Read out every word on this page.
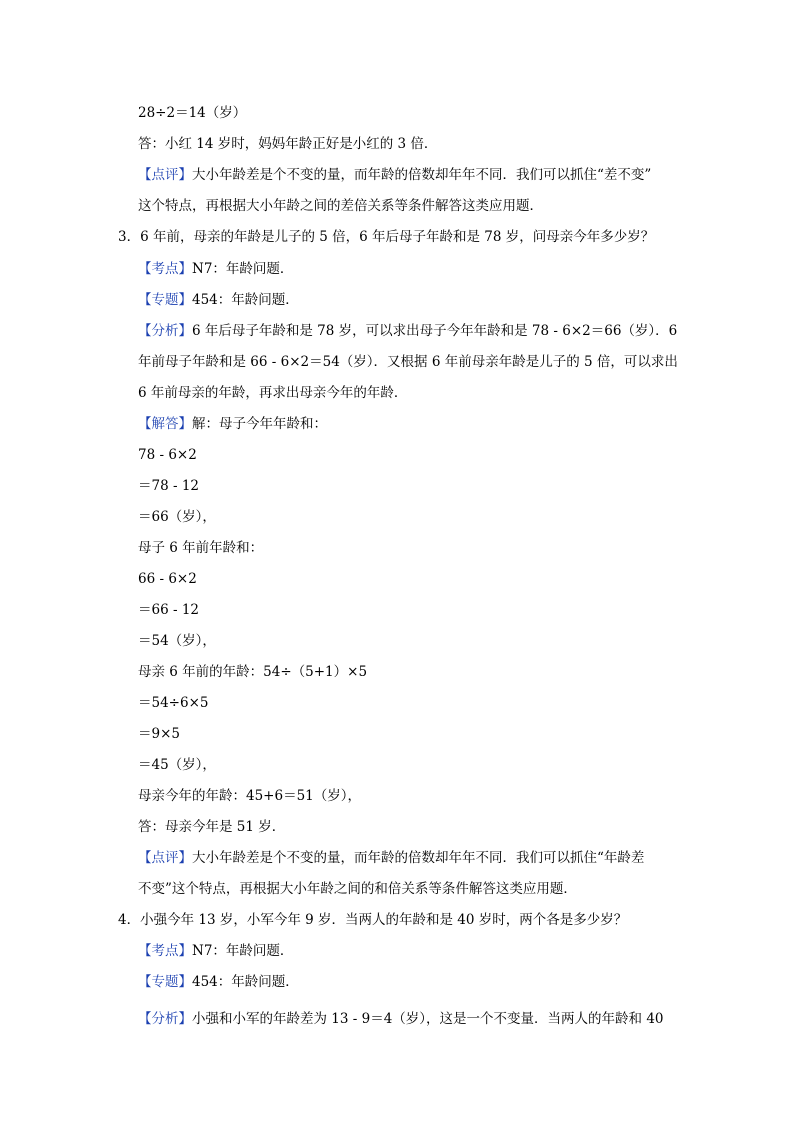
28÷2＝14（岁）
答：小红 14 岁时，妈妈年龄正好是小红的 3 倍．
【 点评 】 大小年龄差是个不变的量，而年龄的倍数却年年不同．我们可以抓住“差不变”
这个特点，再根据大小年龄之间的差倍关系等条件解答这类应用题．
3．6 年前，母亲的年龄是儿子的 5 倍，6 年后母子年龄和是 78 岁，问母亲今年多少岁？
【 考点 】 N7：年龄问题．
【 专题 】 454：年龄问题．
【 分析 】 6 年后母子年龄和是 78 岁，可以求出母子今年年龄和是 78 - 6×2＝66（岁）．6
年前母子年龄和是 66 - 6×2＝54（岁）．又根据 6 年前母亲年龄是儿子的 5 倍，可以求出
6 年前母亲的年龄，再求出母亲今年的年龄．
【 解答 】 解：母子今年年龄和：
78 - 6×2
＝78 - 12
＝66（岁），
母子 6 年前年龄和：
66 - 6×2
＝66 - 12
＝54（岁），
母亲 6 年前的年龄：54÷（5+1）×5
＝54÷6×5
＝9×5
＝45（岁），
母亲今年的年龄：45+6＝51（岁），
答：母亲今年是 51 岁．
【 点评 】 大小年龄差是个不变的量，而年龄的倍数却年年不同．我们可以抓住“年龄差
不变”这个特点，再根据大小年龄之间的和倍关系等条件解答这类应用题．
4．小强今年 13 岁，小军今年 9 岁．当两人的年龄和是 40 岁时，两个各是多少岁？
【 考点 】 N7：年龄问题．
【 专题 】 454：年龄问题．
【 分析 】 小强和小军的年龄差为 13 - 9＝4（岁），这是一个不变量．当两人的年龄和 40
